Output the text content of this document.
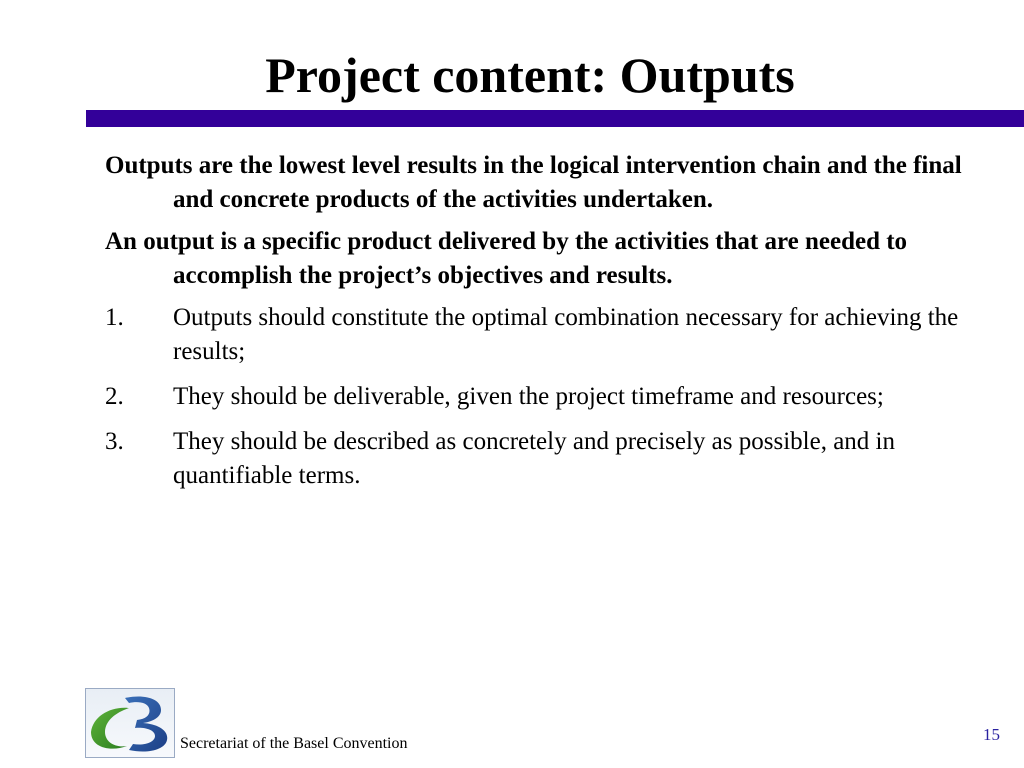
Project content: Outputs

Outputs are the lowest level results in the logical intervention chain and the final and concrete products of the activities undertaken.

An output is a specific product delivered by the activities that are needed to accomplish the project’s objectives and results.

1.	Outputs should constitute the optimal combination necessary for achieving the results;
2.	They should be deliverable, given the project timeframe and resources;
3.	They should be described as concretely and precisely as possible, and in quantifiable terms.
Secretariat of the Basel Convention	15
